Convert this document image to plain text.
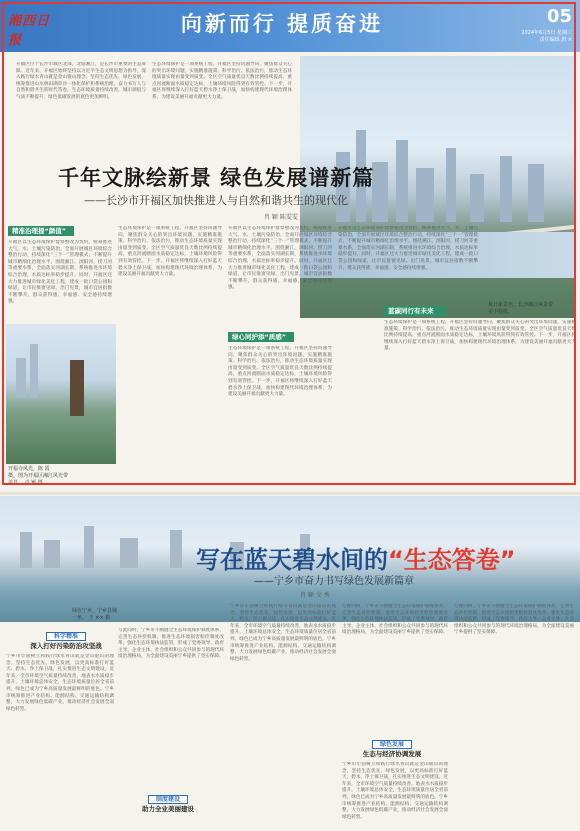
湘西日报
向新而行 提质奋进	05
2024年6月5日 星期三
责任编辑 唐 ×
开福区位于长沙市城区北部，北临湘江，是长沙市重要的生态屏障。近年来，开福区始终坚持以习近平生态文明思想为指导，深入践行绿水青山就是金山银山理念，坚持生态优先、绿色发展，统筹推进山水林田湖草沙一体化保护和系统治理，奋力书写人与自然和谐共生的时代答卷，生态环境质量持续改善，城市颜值与气质不断提升，绿色低碳发展的底色更加鲜明。
生态环境保护是一项系统工程。开福区坚持问题导向，聚焦群众关心的突出环境问题，实施精准施策、科学治污、依法治污，推动生态环境质量实现由量变到质变。全区空气质量优良天数比例持续提高，重点河流断面水质稳定达标，土壤环境风险得到有效管控。下一步，开福区将继续深入打好蓝天碧水净土保卫战，加快构建现代环境治理体系，为建设美丽开福贡献更大力量。
夏日新景色，长沙湘江风景带
美不胜收。
千年文脉绘新景 绿色发展谱新篇
——长沙市开福区加快推进人与自然和谐共生的现代化
肖 颖 陈雯雯
精准治理提“颜值”
绿心同护添“质感”
蓝碳同行有未来
开福区以生态环境保护督察整改为契机，统筹推进大气、水、土壤污染防治，全面开展城区环境综合整治行动，持续深化“三个一”管理模式，不断提升城市精细化治理水平。围绕湘江、浏阳河、捞刀河等重要水系，全面落实河湖长制，系统推进水环境综合治理，水质达标率稳步提升。同时，开福区还大力推进城市绿化美化工程，建成一批口袋公园和绿道，让市民推窗见绿、出门见景，城市宜居指数不断攀升，群众获得感、幸福感、安全感持续增强。
生态环境保护是一项系统工程。开福区坚持问题导向，聚焦群众关心的突出环境问题，实施精准施策、科学治污、依法治污，推动生态环境质量实现由量变到质变。全区空气质量优良天数比例持续提高，重点河流断面水质稳定达标，土壤环境风险得到有效管控。下一步，开福区将继续深入打好蓝天碧水净土保卫战，加快构建现代环境治理体系，为建设美丽开福贡献更大力量。
开福区以生态环境保护督察整改为契机，统筹推进大气、水、土壤污染防治，全面开展城区环境综合整治行动，持续深化“三个一”管理模式，不断提升城市精细化治理水平。围绕湘江、浏阳河、捞刀河等重要水系，全面落实河湖长制，系统推进水环境综合治理，水质达标率稳步提升。同时，开福区还大力推进城市绿化美化工程，建成一批口袋公园和绿道，让市民推窗见绿、出门见景，城市宜居指数不断攀升，群众获得感、幸福感、安全感持续增强。
生态环境保护是一项系统工程。开福区坚持问题导向，聚焦群众关心的突出环境问题，实施精准施策、科学治污、依法治污，推动生态环境质量实现由量变到质变。全区空气质量优良天数比例持续提高，重点河流断面水质稳定达标，土壤环境风险得到有效管控。下一步，开福区将继续深入打好蓝天碧水净土保卫战，加快构建现代环境治理体系，为建设美丽开福贡献更大力量。
开福区以生态环境保护督察整改为契机，统筹推进大气、水、土壤污染防治，全面开展城区环境综合整治行动，持续深化“三个一”管理模式，不断提升城市精细化治理水平。围绕湘江、浏阳河、捞刀河等重要水系，全面落实河湖长制，系统推进水环境综合治理，水质达标率稳步提升。同时，开福区还大力推进城市绿化美化工程，建成一批口袋公园和绿道，让市民推窗见绿、出门见景，城市宜居指数不断攀升，群众获得感、幸福感、安全感持续增强。
生态环境保护是一项系统工程。开福区坚持问题导向，聚焦群众关心的突出环境问题，实施精准施策、科学治污、依法治污，推动生态环境质量实现由量变到质变。全区空气质量优良天数比例持续提高，重点河流断面水质稳定达标，土壤环境风险得到有效管控。下一步，开福区将继续深入打好蓝天碧水净土保卫战，加快构建现代环境治理体系，为建设美丽开福贡献更大力量。
开福寺风光，陈 霞
摄。图为开福区湘江风光带
美景。 肖 颖 摄
绿色宁乡，宁乡县城
一角。 王 ×× 摄
写在蓝天碧水间的“生态答卷”
——宁乡市奋力书写绿色发展新篇章
肖 颖 文 秀
科学精准
深入打好污染防治攻坚战
绿色发展
生态与经济协调发展
制度建设
助力全业美丽建设
宁乡市牢固树立和践行绿水青山就是金山银山的理念，坚持生态优先、绿色发展，以更高标准打好蓝天、碧水、净土保卫战，扎实推进生态文明建设。近年来，全市环境空气质量持续改善，地表水水质稳步提升，土壤环境总体安全，生态环境质量位居全省前列，绿色已成为宁乡高质量发展最鲜明的底色。宁乡市统筹推进产业结构、能源结构、交通运输结构调整，大力发展绿色低碳产业，推动经济社会发展全面绿色转型。
与此同时，宁乡市不断健全生态环境保护制度体系，完善生态补偿机制，推进生态环境损害赔偿制度改革，强化生态环境执法监管，形成了党委领导、政府主导、企业主体、社会组织和公众共同参与的现代环境治理格局，为全面建设美丽宁乡提供了坚实保障。
宁乡市牢固树立和践行绿水青山就是金山银山的理念，坚持生态优先、绿色发展，以更高标准打好蓝天、碧水、净土保卫战，扎实推进生态文明建设。近年来，全市环境空气质量持续改善，地表水水质稳步提升，土壤环境总体安全，生态环境质量位居全省前列，绿色已成为宁乡高质量发展最鲜明的底色。宁乡市统筹推进产业结构、能源结构、交通运输结构调整，大力发展绿色低碳产业，推动经济社会发展全面绿色转型。
与此同时，宁乡市不断健全生态环境保护制度体系，完善生态补偿机制，推进生态环境损害赔偿制度改革，强化生态环境执法监管，形成了党委领导、政府主导、企业主体、社会组织和公众共同参与的现代环境治理格局，为全面建设美丽宁乡提供了坚实保障。
宁乡市牢固树立和践行绿水青山就是金山银山的理念，坚持生态优先、绿色发展，以更高标准打好蓝天、碧水、净土保卫战，扎实推进生态文明建设。近年来，全市环境空气质量持续改善，地表水水质稳步提升，土壤环境总体安全，生态环境质量位居全省前列，绿色已成为宁乡高质量发展最鲜明的底色。宁乡市统筹推进产业结构、能源结构、交通运输结构调整，大力发展绿色低碳产业，推动经济社会发展全面绿色转型。
与此同时，宁乡市不断健全生态环境保护制度体系，完善生态补偿机制，推进生态环境损害赔偿制度改革，强化生态环境执法监管，形成了党委领导、政府主导、企业主体、社会组织和公众共同参与的现代环境治理格局，为全面建设美丽宁乡提供了坚实保障。
